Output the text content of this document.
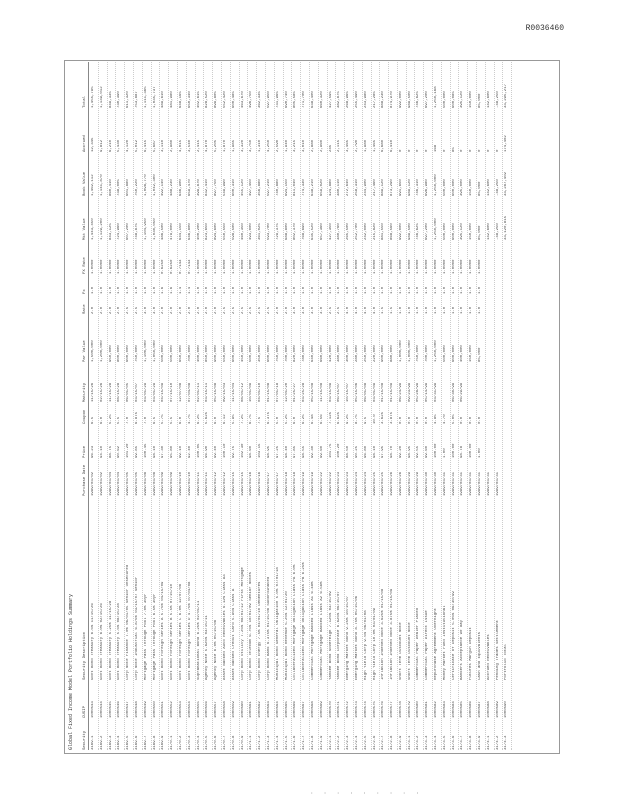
R0036460
Global Fixed Income Model Portfolio Holdings Summary Security
CUSIP
Security Description
Purchase Date
Price
Coupon
Maturity
Par Value
Rate
Fx
FX Rate
Mkt Value
Book Value
Accrued
Total
3169-1
1000543
Govt Bond Treasury 6.5% 11/15/26
1999/03/02
96.23
6.5
11/15/26
1,500,000
2.0
1.0
1.0000
1,443,450
1,462,112
12,345
1,455,795
3169-2
1000544
Govt Bond Treasury 6.0% 02/15/26
1999/03/02
94.10
6.0
02/15/26
1,200,000
2.0
1.0
1.0000
1,129,200
1,141,870
9,812
1,139,012
3169-3
1000545
Govt Bond Treasury 5.25% 11/15/28
1999/03/04
88.75
5.25
11/15/28
950,000
2.0
1.0
1.0000
843,125
860,410
6,210
849,335
3169-4
1000546
Govt Bond Treasury 5.5% 08/15/28
1999/03/04
90.62
5.5
08/15/28
800,000
2.0
1.0
1.0000
724,960
738,005
5,430
730,390
3169-5
1000547
Corp Note Finance 7.0% 06/01/05 Senior Unsecured
1999/03/05
101.20
7.0
06/01/05
600,000
2.5
1.0
1.0000
607,200
601,880
4,120
611,320
3169-6
1000548
Corp Note Industrial 6.875% 03/15/07 Senior
1999/03/05
99.85
6.875
03/15/07
750,000
2.5
1.0
1.0000
748,875
750,220
5,012
753,887
3169-7
1000549
Mortgage Pass Through Pool 7.0% 30yr
1999/03/08
100.45
7.0
03/01/29
1,100,000
3.0
1.0
1.0000
1,104,950
1,098,770
6,415
1,111,365
3169-8
1000550
Mortgage Pass Through Pool 6.5% 30yr
1999/03/08
98.10
6.5
03/01/29
1,050,000
3.0
1.0
1.0000
1,030,050
1,042,300
5,687
1,035,737
3169-9
1000551
Govt Bond Foreign Series A 5.75% 04/15/09
1999/03/09
97.30
5.75
04/15/09
500,000
2.0
1.6
0.6250
486,500
492,140
3,110
489,610
3170-1
1000552
Govt Bond Foreign Series B 5.5% 07/15/10
1999/03/09
95.80
5.5
07/15/10
500,000
2.0
1.6
0.6250
479,000
488,230
2,980
481,980
3170-2
1000553
Govt Bond Foreign Series C 6.0% 12/07/08
1999/03/10
99.10
6.0
12/07/08
650,000
2.0
1.4
0.7143
644,150
646,900
4,015
648,165
3170-3
1000554
Govt Bond Foreign Series D 4.75% 07/04/08
1999/03/10
92.40
4.75
07/04/08
700,000
2.0
1.4
0.7143
646,800
659,470
3,540
650,340
3170-4
1000555
Supranational Bond 6.25% 02/01/11
1999/03/11
100.05
6.25
02/01/11
400,000
2.0
1.0
1.0000
400,200
399,870
2,415
402,615
3170-5
1000556
Agency Note 5.625% 03/15/11
1999/03/11
96.90
5.625
03/15/11
850,000
2.0
1.0
1.0000
823,650
832,410
4,870
828,520
3170-6
1000557
Agency Note 6.0% 05/15/08
1999/03/12
99.40
6.0
05/15/08
900,000
2.0
1.0
1.0000
894,600
897,750
5,205
899,805
3170-7
1000558
Asset Backed Auto Receivables 6.12% Class A3
1999/03/12
100.10
6.12
09/15/03
550,000
2.5
1.0
1.0000
550,550
549,990
1,870
552,420
3170-8
1000559
Asset Backed Credit Card 5.95% Class A
1999/03/15
99.75
5.95
11/15/04
600,000
2.5
1.0
1.0000
598,500
600,310
1,985
600,485
3170-9
1000560
Corp Bond Utility 7.25% 08/01/12 First Mortgage
1999/03/15
102.30
7.25
08/01/12
450,000
2.5
1.0
1.0000
460,350
455,120
3,320
463,670
3171-1
1000561
Corp Bond Telecom 6.75% 10/01/09 Senior Notes
1999/03/16
98.60
6.75
10/01/09
500,000
2.5
1.0
1.0000
493,000
497,450
3,750
496,750
3171-2
1000562
Corp Bond Energy 7.5% 04/01/10 Debentures
1999/03/16
103.15
7.5
04/01/10
350,000
2.5
1.0
1.0000
361,025
356,880
1,310
362,335
3171-3
1000563
Corp Bond Bank 6.375% 01/15/08 Subordinated
1999/03/17
98.95
6.375
01/15/08
600,000
2.5
1.0
1.0000
593,700
597,210
4,250
597,950
3171-4
1000564
Municipal Bond General Obligation 5.0% 07/01/18
1999/03/17
97.25
5.0
07/01/18
750,000
2.0
1.0
1.0000
729,375
740,880
2,590
731,965
3171-5
1000565
Municipal Bond Revenue 5.25% 12/01/20
1999/03/18
98.40
5.25
12/01/20
700,000
2.0
1.0
1.0000
688,800
694,150
1,940
690,740
3171-6
1000566
Collateralized Mortgage Obligation Class PA 6.0%
1999/03/18
97.85
6.0
01/25/27
820,000
3.0
1.0
1.0000
802,370
811,040
3,215
805,585
3171-7
1000567
Collateralized Mortgage Obligation Class PB 6.25%
1999/03/19
98.55
6.25
03/25/28
780,000
3.0
1.0
1.0000
768,690
774,330
3,010
771,700
3171-8
1000568
Commercial Mortgage Backed Class A1 6.48%
1999/03/19
99.30
6.48
05/15/08
640,000
3.0
1.0
1.0000
635,520
638,210
2,880
638,400
3171-9
1000569
Commercial Mortgage Backed Class A2 6.56%
1999/03/22
99.60
6.56
11/15/08
660,000
3.0
1.0
1.0000
657,360
659,020
2,960
660,320
3172-1
1000570
Yankee Bond Sovereign 7.125% 03/15/09
1999/03/22
101.75
7.125
03/15/09
420,000
2.5
1.0
1.0000
427,350
424,880
245
427,595
3172-2
1000571
Yankee Bond Corporate 6.625% 06/15/07
1999/03/23
100.20
6.625
06/15/07
380,000
2.5
1.0
1.0000
380,760
380,110
2,115
382,875
3172-3
1000572
Emerging Market Bond 9.25% 10/15/07
1999/03/23
88.50
9.25
10/15/07
300,000
4.0
1.0
1.0000
265,500
272,640
3,465
268,965
3172-4
1000573
Emerging Market Bond 8.75% 05/15/06
1999/03/24
90.25
8.75
05/15/06
280,000
4.0
1.0
1.0000
252,700
258,310
2,790
255,490
3172-5
1000574
High Yield Corp 9.5% 06/01/08
1999/03/24
96.80
9.5
06/01/08
250,000
4.0
1.0
1.0000
242,000
244,900
1,980
243,980
3172-6
1000575
High Yield Corp 10.0% 03/01/09
1999/03/25
98.10
10.0
03/01/09
220,000
4.0
1.0
1.0000
215,820
217,460
1,465
217,285
3172-7
1000576
Inflation Indexed Note 3.625% 01/15/08
1999/03/25
97.95
3.625
01/15/08
900,000
1.5
1.0
1.0000
881,550
889,120
6,680
888,230
3172-8
1000577
Inflation Indexed Note 3.875% 01/15/09
1999/03/26
98.70
3.875
01/15/09
880,000
1.5
1.0
1.0000
868,560
873,290
6,410
874,970
3172-9
1000578
Short Term Discount Note
1999/03/26
99.20
0.0
06/24/99
1,000,000
1.0
1.0
1.0000
992,000
991,650
0
992,000
3173-1
1000579
Short Term Discount Note
1999/03/29
98.95
0.0
09/23/99
1,000,000
1.0
1.0
1.0000
989,500
989,120
0
989,500
3173-2
1000580
Commercial Paper Dealer Placed
1999/03/29
99.55
0.0
05/28/99
750,000
1.0
1.0
1.0000
746,625
746,310
0
746,625
3173-3
1000581
Commercial Paper Direct Issue
1999/03/30
99.60
0.0
05/14/99
700,000
1.0
1.0
1.0000
697,200
696,980
0
697,200
3173-4
1000582
Repurchase Agreement Overnight
1999/03/30
100.00
4.85
03/31/99
1,250,000
1.0
1.0
1.0000
1,250,000
1,250,000
168
1,250,168
3173-5
1000583
Money Market Fund Institutional
1999/03/31
1.00
4.70
500,000
1.0
1.0
1.0000
500,000
500,000
0
500,000
3173-6
1000584
Certificate of Deposit 5.05% 06/30/99
1999/03/31
100.00
5.05
06/30/99
600,000
1.0
1.0
1.0000
600,000
600,000
85
600,085
3173-7
1000585
Bankers Acceptance 90 day
1999/03/31
98.78
0.0
06/29/99
400,000
1.0
1.0
1.0000
395,120
395,000
0
395,120
3173-8
1000586
Futures Margin Deposit
1999/03/31
100.00
0.0
150,000
1.0
1.0
1.0000
150,000
150,000
0
150,000
3173-9
1000587
Cash and Equivalents
1999/03/31
1.00
0.0
85,000
1.0
1.0
1.0000
85,000
85,000
0
85,000
3174-1
1000588
Accrued Receivables
1999/03/31
142,600
142,600
0
142,600
3174-2
1000589
Pending Trades Settlement
1999/03/31
-48,250
-48,250
0
-48,250
3174-3
1000590
Portfolio Total
33,120,815
33,287,402
174,402
33,295,217
· · · · · · · · ·
